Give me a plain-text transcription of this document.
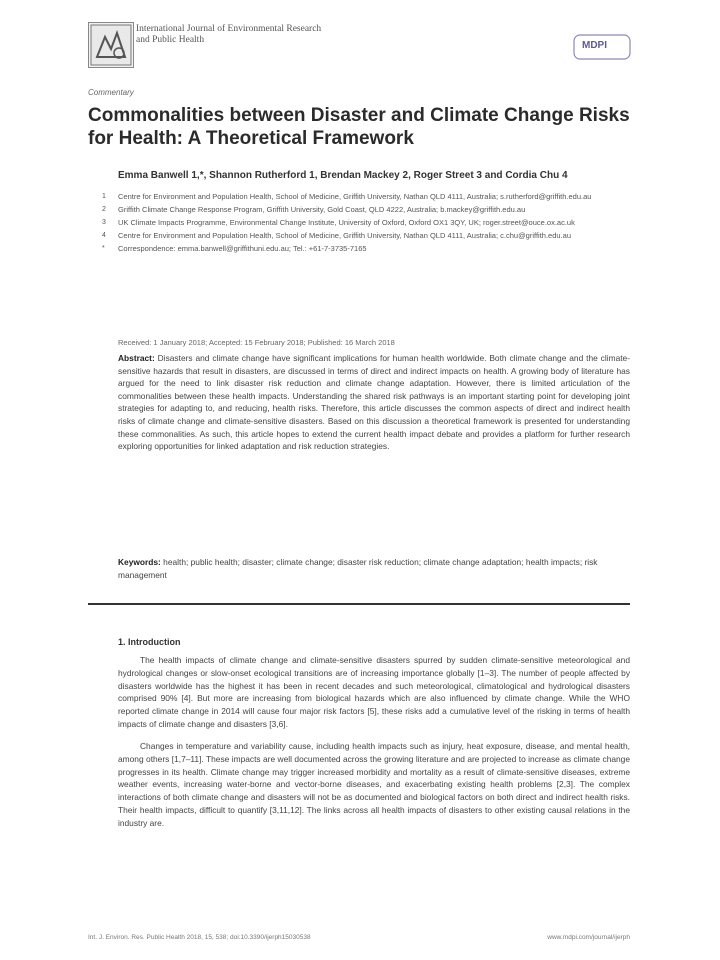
International Journal of Environmental Research and Public Health	MDPI
Commentary
Commonalities between Disaster and Climate Change Risks for Health: A Theoretical Framework
Emma Banwell 1,*, Shannon Rutherford 1, Brendan Mackey 2, Roger Street 3 and Cordia Chu 4
1 Centre for Environment and Population Health, School of Medicine, Griffith University, Nathan QLD 4111, Australia; s.rutherford@griffith.edu.au
2 Griffith Climate Change Response Program, Griffith University, Gold Coast, QLD 4222, Australia; b.mackey@griffith.edu.au
3 UK Climate Impacts Programme, Environmental Change Institute, University of Oxford, Oxford OX1 3QY, UK; roger.street@ouce.ox.ac.uk
4 Centre for Environment and Population Health, School of Medicine, Griffith University, Nathan QLD 4111, Australia; c.chu@griffith.edu.au
* Correspondence: emma.banwell@griffithuni.edu.au; Tel.: +61-7-3735-7165
Received: 1 January 2018; Accepted: 15 February 2018; Published: 16 March 2018

Abstract: Disasters and climate change have significant implications for human health worldwide. Both climate change and the climate-sensitive hazards that result in disasters, are discussed in terms of direct and indirect impacts on health. A growing body of literature has argued for the need to link disaster risk reduction and climate change adaptation. However, there is limited articulation of the commonalities between these health impacts. Understanding the shared risk pathways is an important starting point for developing joint strategies for adapting to, and reducing, health risks. Therefore, this article discusses the common aspects of direct and indirect health risks of climate change and climate-sensitive disasters. Based on this discussion a theoretical framework is presented for understanding these commonalities. As such, this article hopes to extend the current health impact debate and provides a platform for further research exploring opportunities for linked adaptation and risk reduction strategies.

Keywords: health; public health; disaster; climate change; disaster risk reduction; climate change adaptation; health impacts; risk management

1. Introduction

The health impacts of climate change and climate-sensitive disasters spurred by sudden climate-sensitive meteorological and hydrological changes or slow-onset ecological transitions are of increasing importance globally [1–3]. The number of people affected by disasters worldwide has the highest it has been in recent decades and such meteorological, climatological and hydrological disasters comprised 90% [4]. But more are increasing from biological hazards which are also influenced by climate change. While the WHO reported climate change in 2014 will cause four major risk factors [5], these risks add a cumulative level of the risking in terms of health impacts of climate change and disasters [3,6].

Changes in temperature and variability cause, including health impacts such as injury, heat exposure, disease, and mental health, among others [1,7–11]. These impacts are well documented across the growing literature and are projected to increase as climate change progresses in its health. Climate change may trigger increased morbidity and mortality as a result of climate-sensitive diseases, extreme weather events, increasing water-borne and vector-borne diseases, and exacerbating existing health problems [2,3]. The complex interactions of both climate change and disasters will not be as documented and biological factors on both direct and indirect health risks. Their health impacts, difficult to quantify [3,11,12]. The links across all health impacts of disasters to other existing causal relations in the industry are.

Int. J. Environ. Res. Public Health 2018, 15, 538; doi:10.3390/ijerph15030538	www.mdpi.com/journal/ijerph
